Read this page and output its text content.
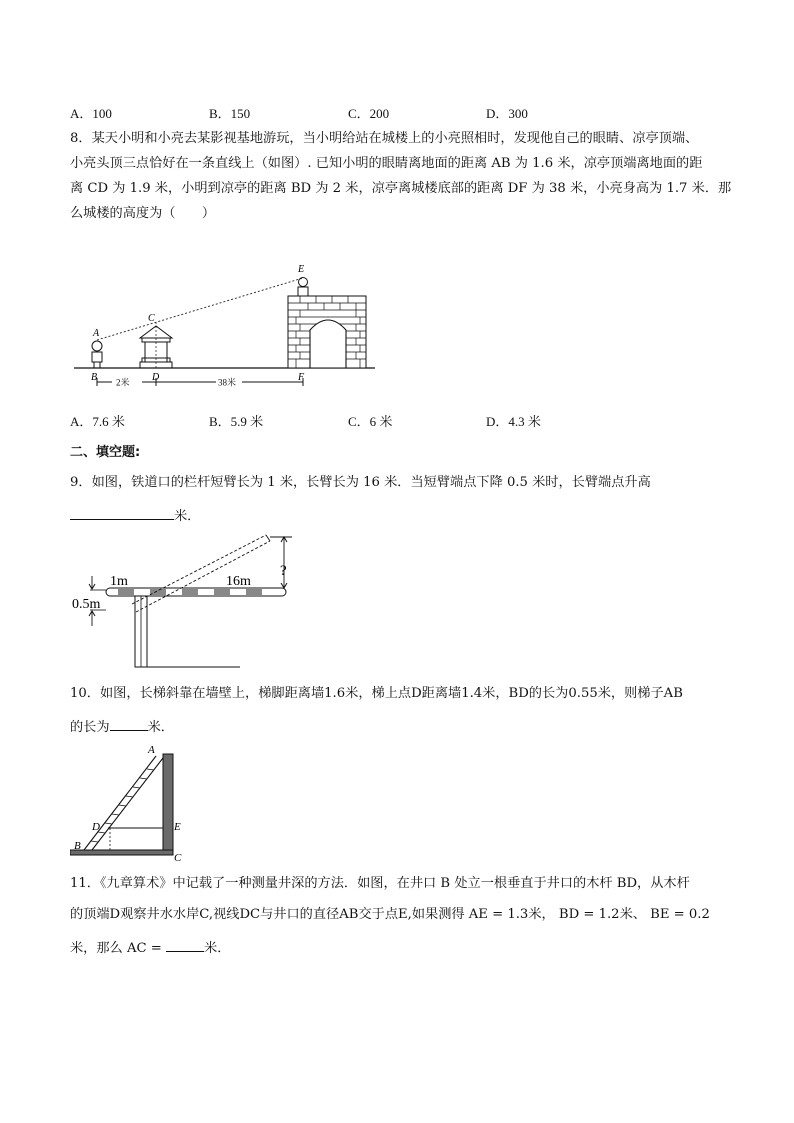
A．100	B．150	C．200	D．300
8．某天小明和小亮去某影视基地游玩，当小明给站在城楼上的小亮照相时，发现他自己的眼睛、凉亭顶端、
小亮头顶三点恰好在一条直线上（如图）. 已知小明的眼睛离地面的距离 AB 为 1.6 米，凉亭顶端离地面的距
离 CD 为 1.9 米，小明到凉亭的距离 BD 为 2 米，凉亭离城楼底部的距离 DF 为 38 米，小亮身高为 1.7 米．那
么城楼的高度为（　　）
2米	38米
A
B
C
D
E
F
A．7.6 米	B．5.9 米	C．6 米	D．4.3 米
二、填空题:
9．如图，铁道口的栏杆短臂长为 1 米，长臂长为 16 米．当短臂端点下降 0.5 米时，长臂端点升高
米．
?
0.5m
1m	16m
10．如图，长梯斜靠在墙壁上，梯脚距离墙1.6米，梯上点D距离墙1.4米，BD的长为0.55米，则梯子AB
的长为	米．
A
D	E
B
C
11．《九章算术》中记载了一种测量井深的方法．如图，在井口 B 处立一根垂直于井口的木杆 BD，从木杆
的顶端D观察井水水岸C,视线DC与井口的直径AB交于点E,如果测得 AE = 1.3米， BD = 1.2米、 BE = 0.2
米，那么 AC =	米．
